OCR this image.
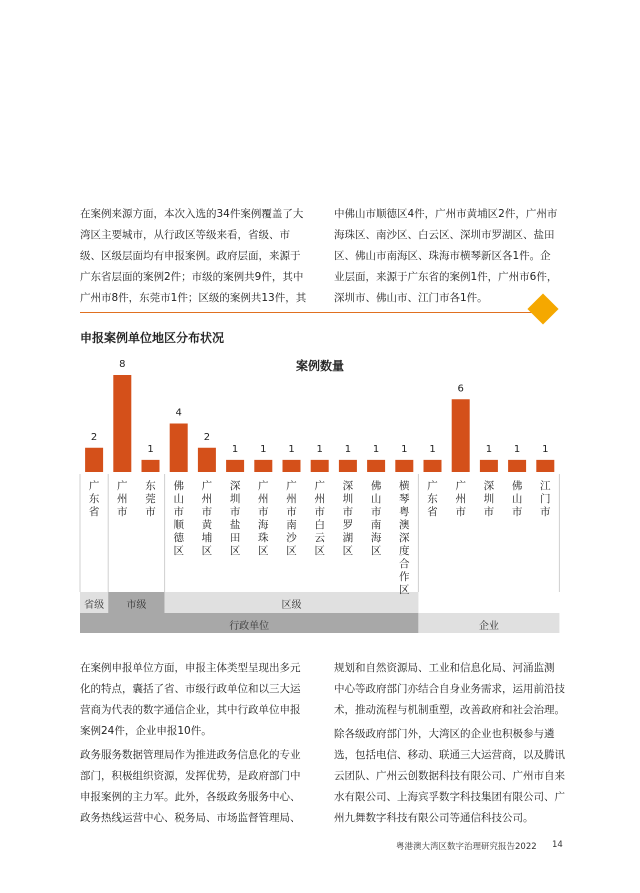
在案例来源方面，本次入选的34件案例覆盖了大
湾区主要城市，从行政区等级来看，省级、市
级、区级层面均有申报案例。政府层面，来源于
广东省层面的案例2件；市级的案例共9件，其中
广州市8件，东莞市1件；区级的案例共13件，其
中佛山市顺德区4件，广州市黄埔区2件，广州市
海珠区、南沙区、白云区、深圳市罗湖区、盐田
区、佛山市南海区、珠海市横琴新区各1件。企
业层面，来源于广东省的案例1件，广州市6件，
深圳市、佛山市、江门市各1件。
申报案例单位地区分布状况
案例数量
2
8
1
4
2
1 1 1 1 1 1 1 1
6
1 1 1
广东省
广州市
东莞市
佛山市顺德区
广州市黄埔区
深圳市盐田区
广州市海珠区
广州市南沙区
广州市白云区
深圳市罗湖区
佛山市南海区
横琴粤澳深度合作区
广东省
广州市
深圳市
佛山市
江门市
省级	市级	区级
行政单位	企业
在案例申报单位方面，申报主体类型呈现出多元
化的特点，囊括了省、市级行政单位和以三大运
营商为代表的数字通信企业，其中行政单位申报
案例24件，企业申报10件。
政务服务数据管理局作为推进政务信息化的专业
部门，积极组织资源，发挥优势，是政府部门中
申报案例的主力军。此外，各级政务服务中心、
政务热线运营中心、税务局、市场监督管理局、
规划和自然资源局、工业和信息化局、河涌监测
中心等政府部门亦结合自身业务需求，运用前沿技
术，推动流程与机制重塑，改善政府和社会治理。
除各级政府部门外，大湾区的企业也积极参与遴
选，包括电信、移动、联通三大运营商，以及腾讯
云团队、广州云创数据科技有限公司、广州市自来
水有限公司、上海宾孚数字科技集团有限公司、广
州九舞数字科技有限公司等通信科技公司。
粤港澳大湾区数字治理研究报告2022 14
